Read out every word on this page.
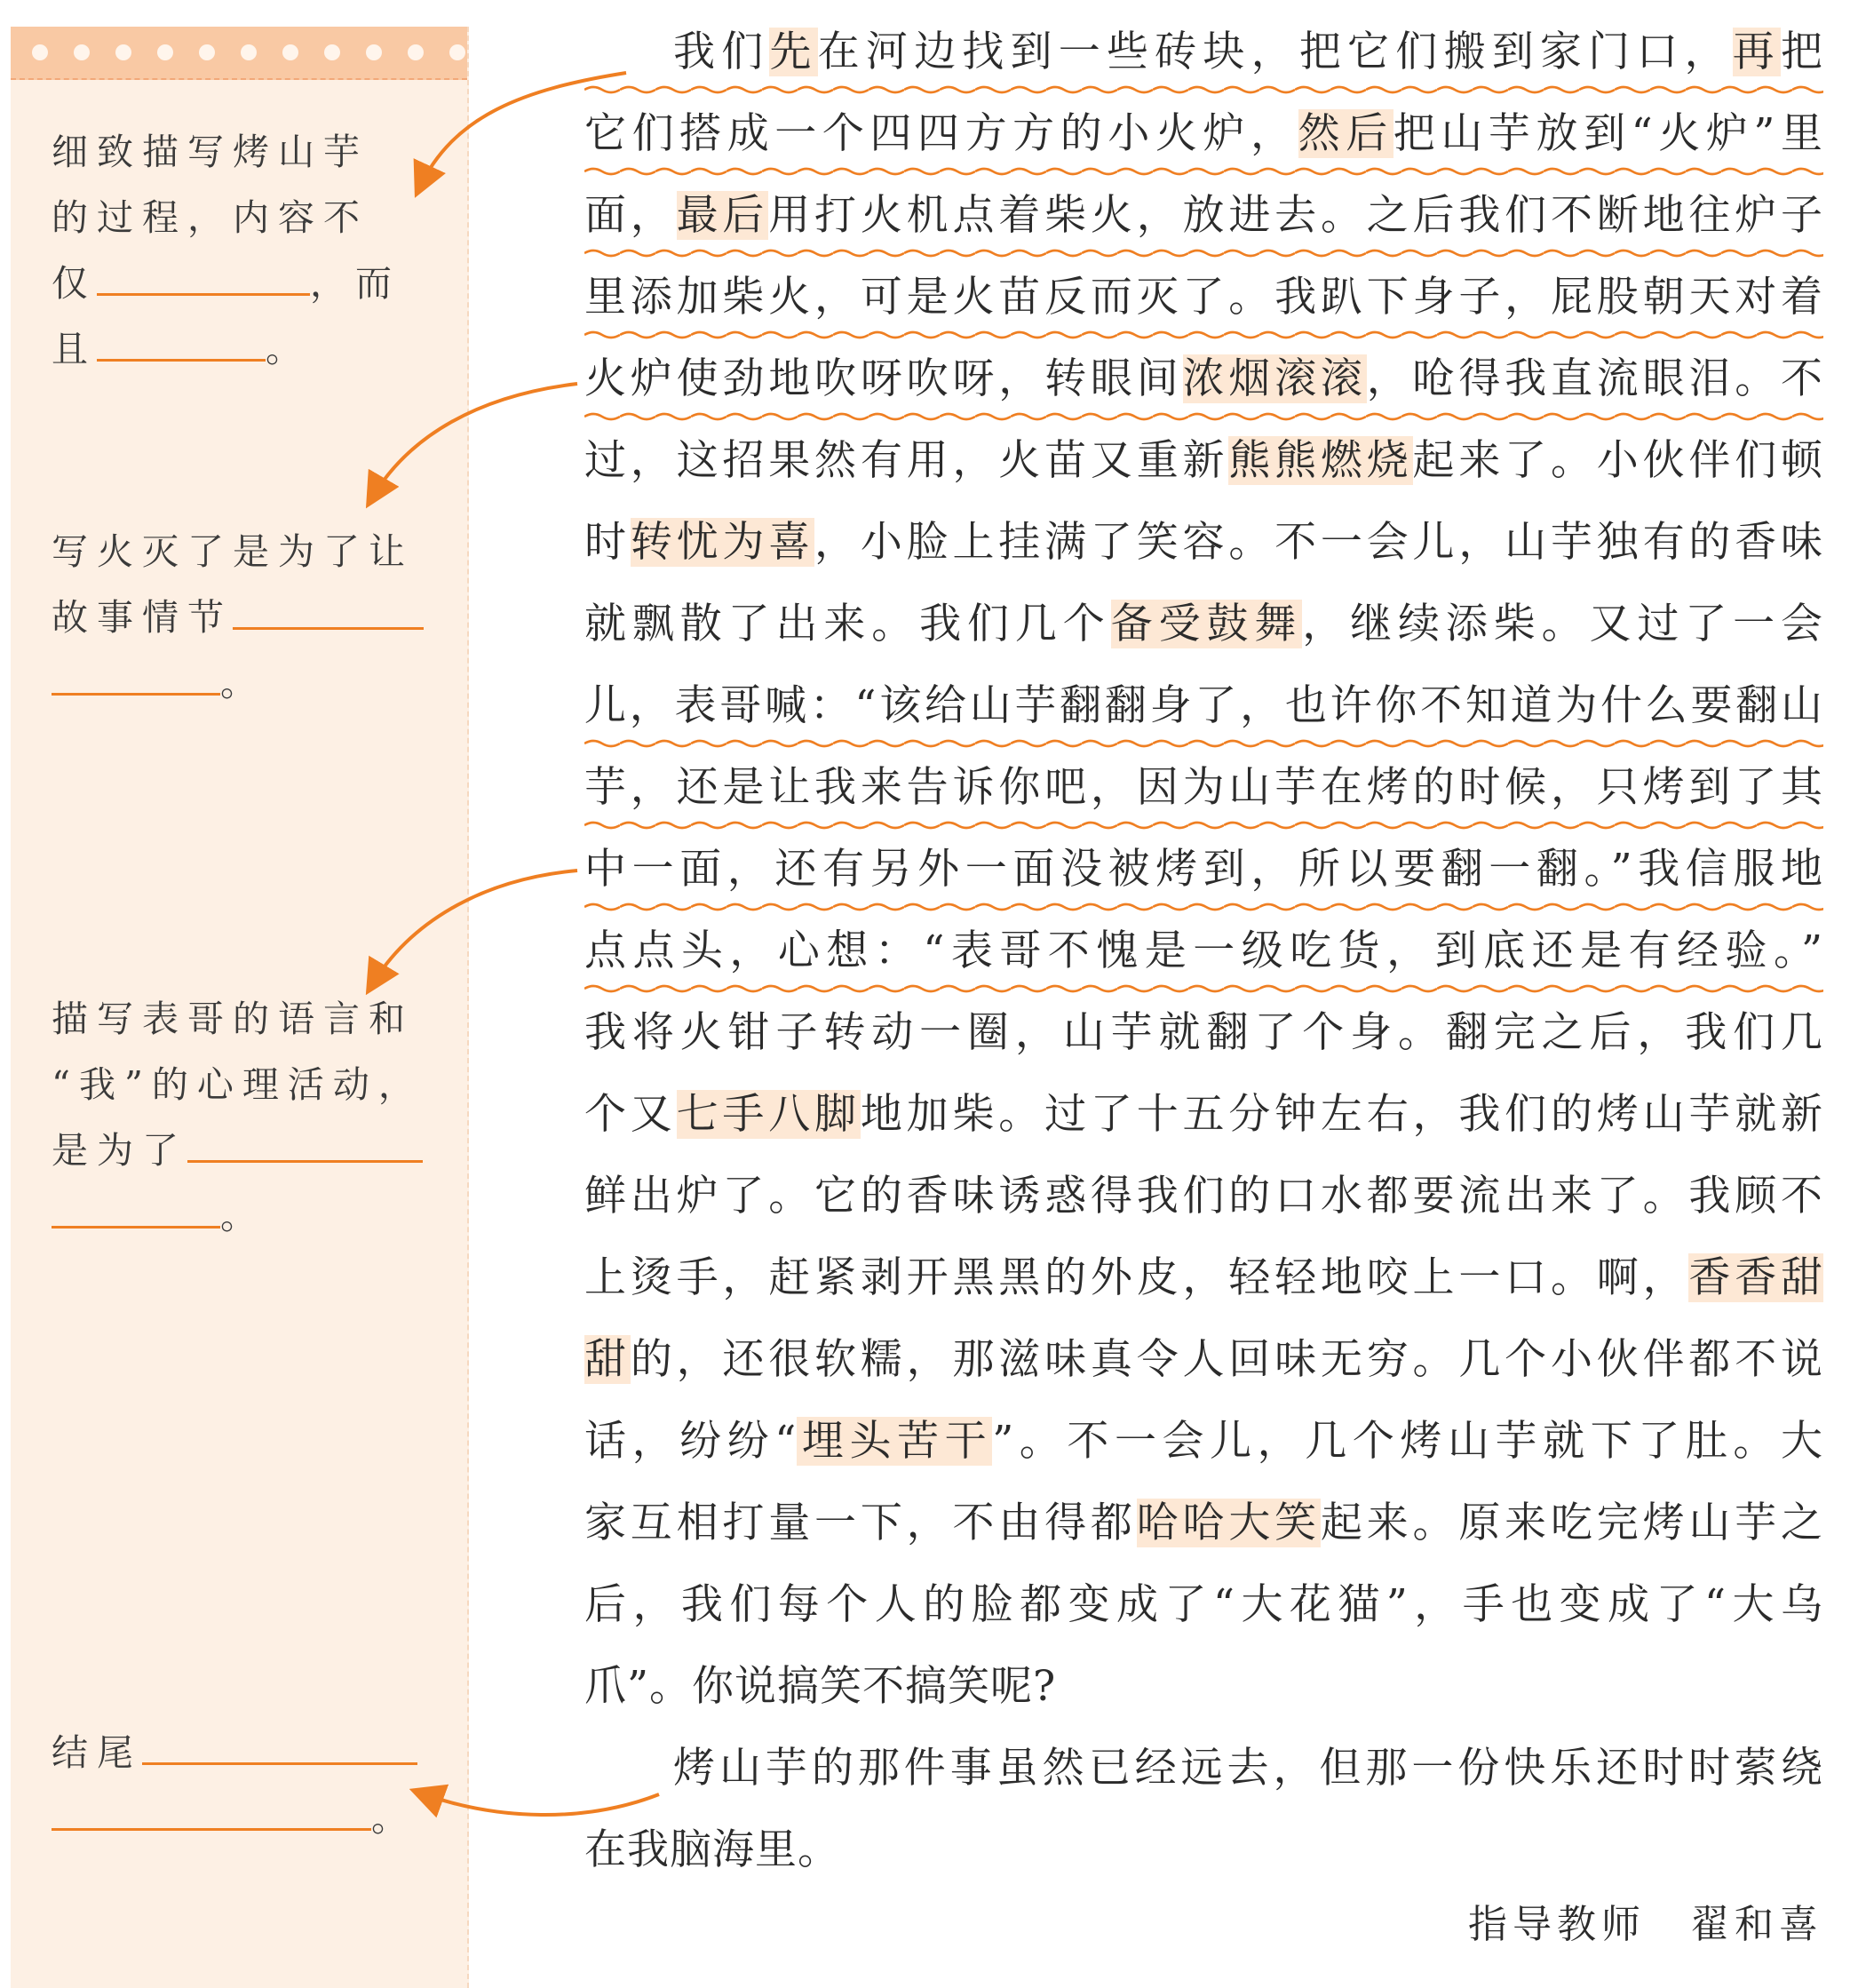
细致描写烤山芋
的过程，内容不
仅	，而
且	。
写火灭了是为了让
故事情节
。
描写表哥的语言和
“我”的心理活动，
是为了
。
结尾
。
我们先在河边找到一些砖块，把它们搬到家门口，再把
它们搭成一个四四方方的小火炉，然后把山芋放到“火炉”里
面，最后用打火机点着柴火，放进去。之后我们不断地往炉子
里添加柴火，可是火苗反而灭了。我趴下身子，屁股朝天对着
火炉使劲地吹呀吹呀，转眼间浓烟滚滚，呛得我直流眼泪。不
过，这招果然有用，火苗又重新熊熊燃烧起来了。小伙伴们顿
时转忧为喜，小脸上挂满了笑容。不一会儿，山芋独有的香味
就飘散了出来。我们几个备受鼓舞，继续添柴。又过了一会
儿，表哥喊：“该给山芋翻翻身了，也许你不知道为什么要翻山
芋，还是让我来告诉你吧，因为山芋在烤的时候，只烤到了其
中一面，还有另外一面没被烤到，所以要翻一翻。”我信服地
点点头，心想：“表哥不愧是一级吃货，到底还是有经验。”
我将火钳子转动一圈，山芋就翻了个身。翻完之后，我们几
个又七手八脚地加柴。过了十五分钟左右，我们的烤山芋就新
鲜出炉了。它的香味诱惑得我们的口水都要流出来了。我顾不
上烫手，赶紧剥开黑黑的外皮，轻轻地咬上一口。啊，香香甜
甜的，还很软糯，那滋味真令人回味无穷。几个小伙伴都不说
话，纷纷“埋头苦干”。不一会儿，几个烤山芋就下了肚。大
家互相打量一下，不由得都哈哈大笑起来。原来吃完烤山芋之
后，我们每个人的脸都变成了“大花猫”，手也变成了“大乌
爪”。你说搞笑不搞笑呢?
烤山芋的那件事虽然已经远去，但那一份快乐还时时萦绕
在我脑海里。
指导教师　翟和喜
